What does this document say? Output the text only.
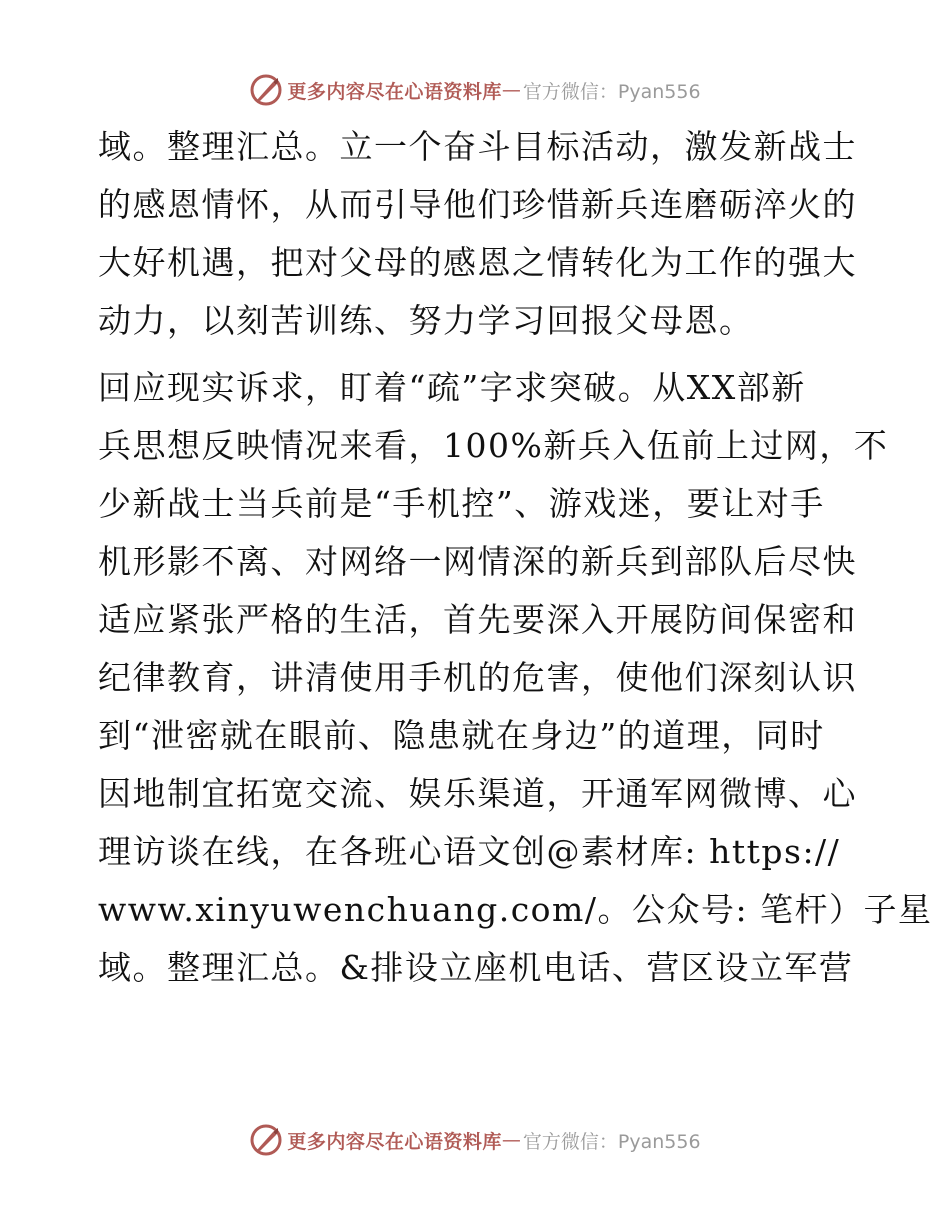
更多内容尽在心语资料库 — 官方微信：Pyan556
域。整理汇总。立一个奋斗目标活动，激发新战士
的感恩情怀，从而引导他们珍惜新兵连磨砺淬火的
大好机遇，把对父母的感恩之情转化为工作的强大
动力，以刻苦训练、努力学习回报父母恩。
回应现实诉求，盯着“疏”字求突破。从XX部新
兵思想反映情况来看，100%新兵入伍前上过网，不
少新战士当兵前是“手机控”、游戏迷，要让对手
机形影不离、对网络一网情深的新兵到部队后尽快
适应紧张严格的生活，首先要深入开展防间保密和
纪律教育，讲清使用手机的危害，使他们深刻认识
到“泄密就在眼前、隐患就在身边”的道理，同时
因地制宜拓宽交流、娱乐渠道，开通军网微博、心
理访谈在线，在各班心语文创@素材库: https://
www.xinyuwenchuang.com/。公众号: 笔杆）子星
域。整理汇总。&排设立座机电话、营区设立军营
更多内容尽在心语资料库 — 官方微信：Pyan556
